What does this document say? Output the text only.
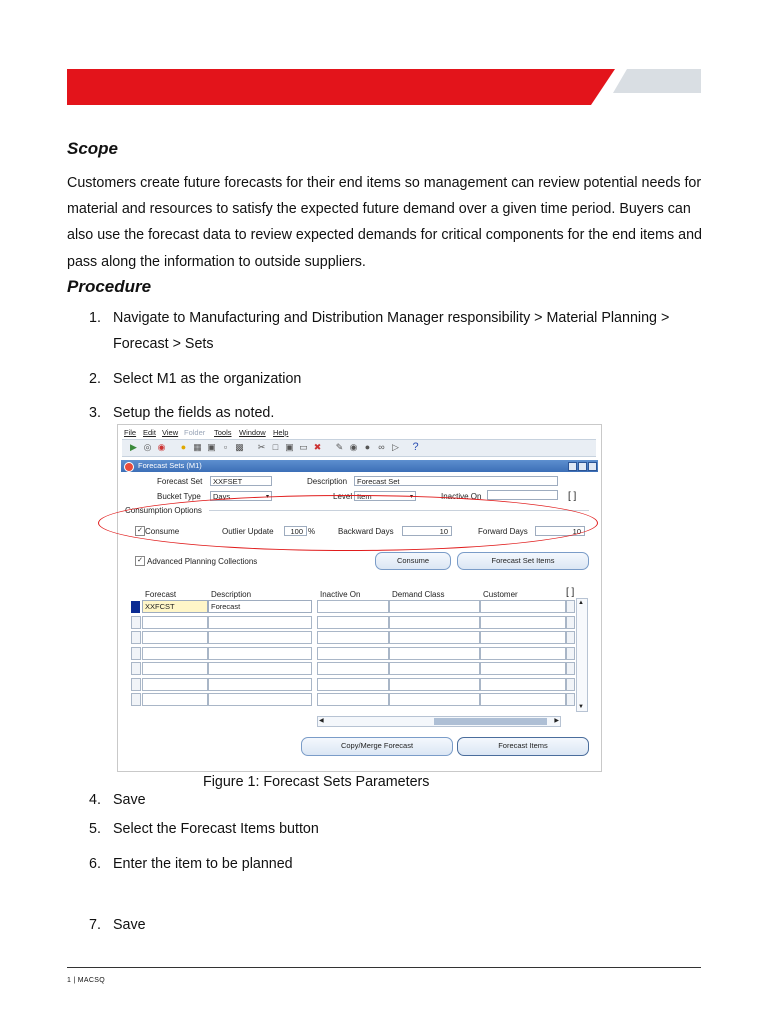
Scope

Customers create future forecasts for their end items so management can review potential needs for material and resources to satisfy the expected future demand over a given time period. Buyers can also use the forecast data to review expected demands for critical components for the end items and pass along the information to outside suppliers.

Procedure
1. Navigate to Manufacturing and Distribution Manager responsibility > Material Planning >
Forecast > Sets
2. Select M1 as the organization
3. Setup the fields as noted.
File Edit View Folder Tools Window Help
▶ ◎ ◉	● ▦ ▣ ▫ ▩ ✂ □ ▣ ▭ ✖ ✎ ◉ ● ∞ ▷ ?
Forecast Sets (M1)
Forecast Set	XXFSET	Description	Forecast Set
Bucket Type	Days	▾	Level Item	▾	Inactive On	[ ]
Consumption Options
✓ Consume	Outlier Update	100 %	Backward Days	10	Forward Days	10
✓ Advanced Planning Collections	Consume	Forecast Set Items
Forecast	Description	Inactive On	Demand Class	Customer	[ ]
XXFCST	Forecast	▲
▼
◀	▶
Copy/Merge Forecast	Forecast Items
Figure 1: Forecast Sets Parameters
4. Save
5. Select the Forecast Items button
6. Enter the item to be planned
7. Save
1 | MACSQ
